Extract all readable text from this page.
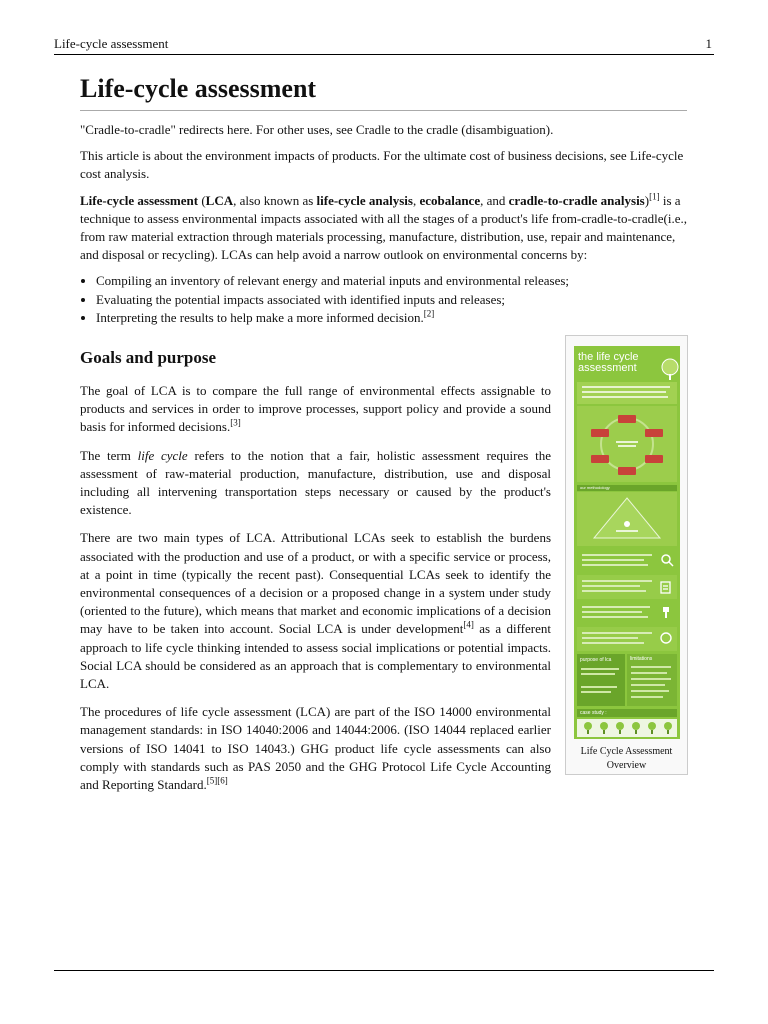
Life-cycle assessment	1
Life-cycle assessment

"Cradle-to-cradle" redirects here. For other uses, see Cradle to the cradle (disambiguation).

This article is about the environment impacts of products. For the ultimate cost of business decisions, see Life-cycle cost analysis.

Life-cycle assessment (LCA, also known as life-cycle analysis, ecobalance, and cradle-to-cradle analysis)[1] is a technique to assess environmental impacts associated with all the stages of a product's life from-cradle-to-cradle(i.e., from raw material extraction through materials processing, manufacture, distribution, use, repair and maintenance, and disposal or recycling). LCAs can help avoid a narrow outlook on environmental concerns by:

• Compiling an inventory of relevant energy and material inputs and environmental releases;
• Evaluating the potential impacts associated with identified inputs and releases;
• Interpreting the results to help make a more informed decision.[2]
Goals and purpose

The goal of LCA is to compare the full range of environmental effects assignable to products and services in order to improve processes, support policy and provide a sound basis for informed decisions.[3]

The term life cycle refers to the notion that a fair, holistic assessment requires the assessment of raw-material production, manufacture, distribution, use and disposal including all intervening transportation steps necessary or caused by the product's existence.

There are two main types of LCA. Attributional LCAs seek to establish the burdens associated with the production and use of a product, or with a specific service or process, at a point in time (typically the recent past). Consequential LCAs seek to identify the environmental consequences of a decision or a proposed change in a system under study (oriented to the future), which means that market and economic implications of a decision may have to be taken into account. Social LCA is under development[4] as a different approach to life cycle thinking intended to assess social implications or potential impacts. Social LCA should be considered as an approach that is complementary to environmental LCA.

The procedures of life cycle assessment (LCA) are part of the ISO 14000 environmental management standards: in ISO 14040:2006 and 14044:2006. (ISO 14044 replaced earlier versions of ISO 14041 to ISO 14043.) GHG product life cycle assessments can also comply with standards such as PAS 2050 and the GHG Protocol Life Cycle Accounting and Reporting Standard.[5][6]

the life cycle assessment
our methodology
purpose of lca	limitations
case study :
Life Cycle Assessment Overview
